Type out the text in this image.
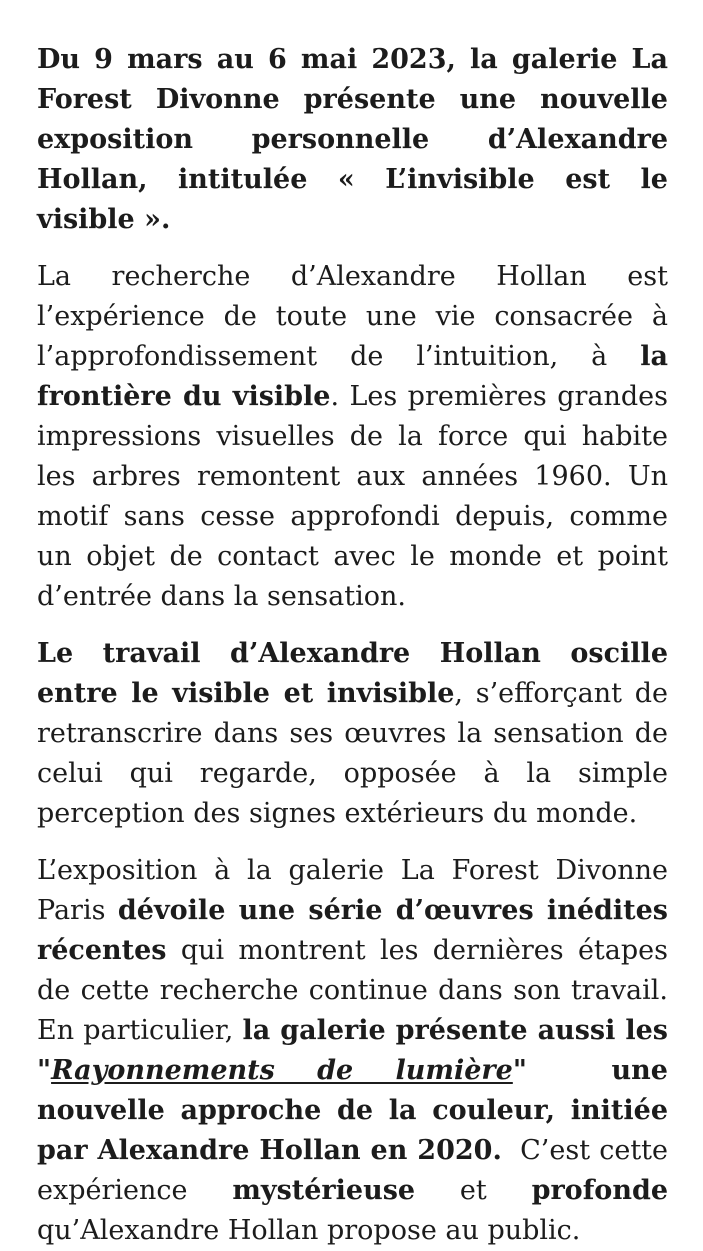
Du 9 mars au 6 mai 2023, la galerie La Forest Divonne présente une nouvelle exposition personnelle d’Alexandre Hollan, intitulée « L’invisible est le visible ».

La recherche d’Alexandre Hollan est l’expérience de toute une vie consacrée à l’approfondissement de l’intuition, à la frontière du visible. Les premières grandes impressions visuelles de la force qui habite les arbres remontent aux années 1960. Un motif sans cesse approfondi depuis, comme un objet de contact avec le monde et point d’entrée dans la sensation.

Le travail d’Alexandre Hollan oscille entre le visible et invisible, s’efforçant de retranscrire dans ses œuvres la sensation de celui qui regarde, opposée à la simple perception des signes extérieurs du monde.

L’exposition à la galerie La Forest Divonne Paris dévoile une série d’œuvres inédites récentes qui montrent les dernières étapes de cette recherche continue dans son travail. En particulier, la galerie présente aussi les "Rayonnements de lumière"	une nouvelle approche de la couleur, initiée par Alexandre Hollan en 2020.  C’est cette expérience mystérieuse et profonde qu’Alexandre Hollan propose au public.
